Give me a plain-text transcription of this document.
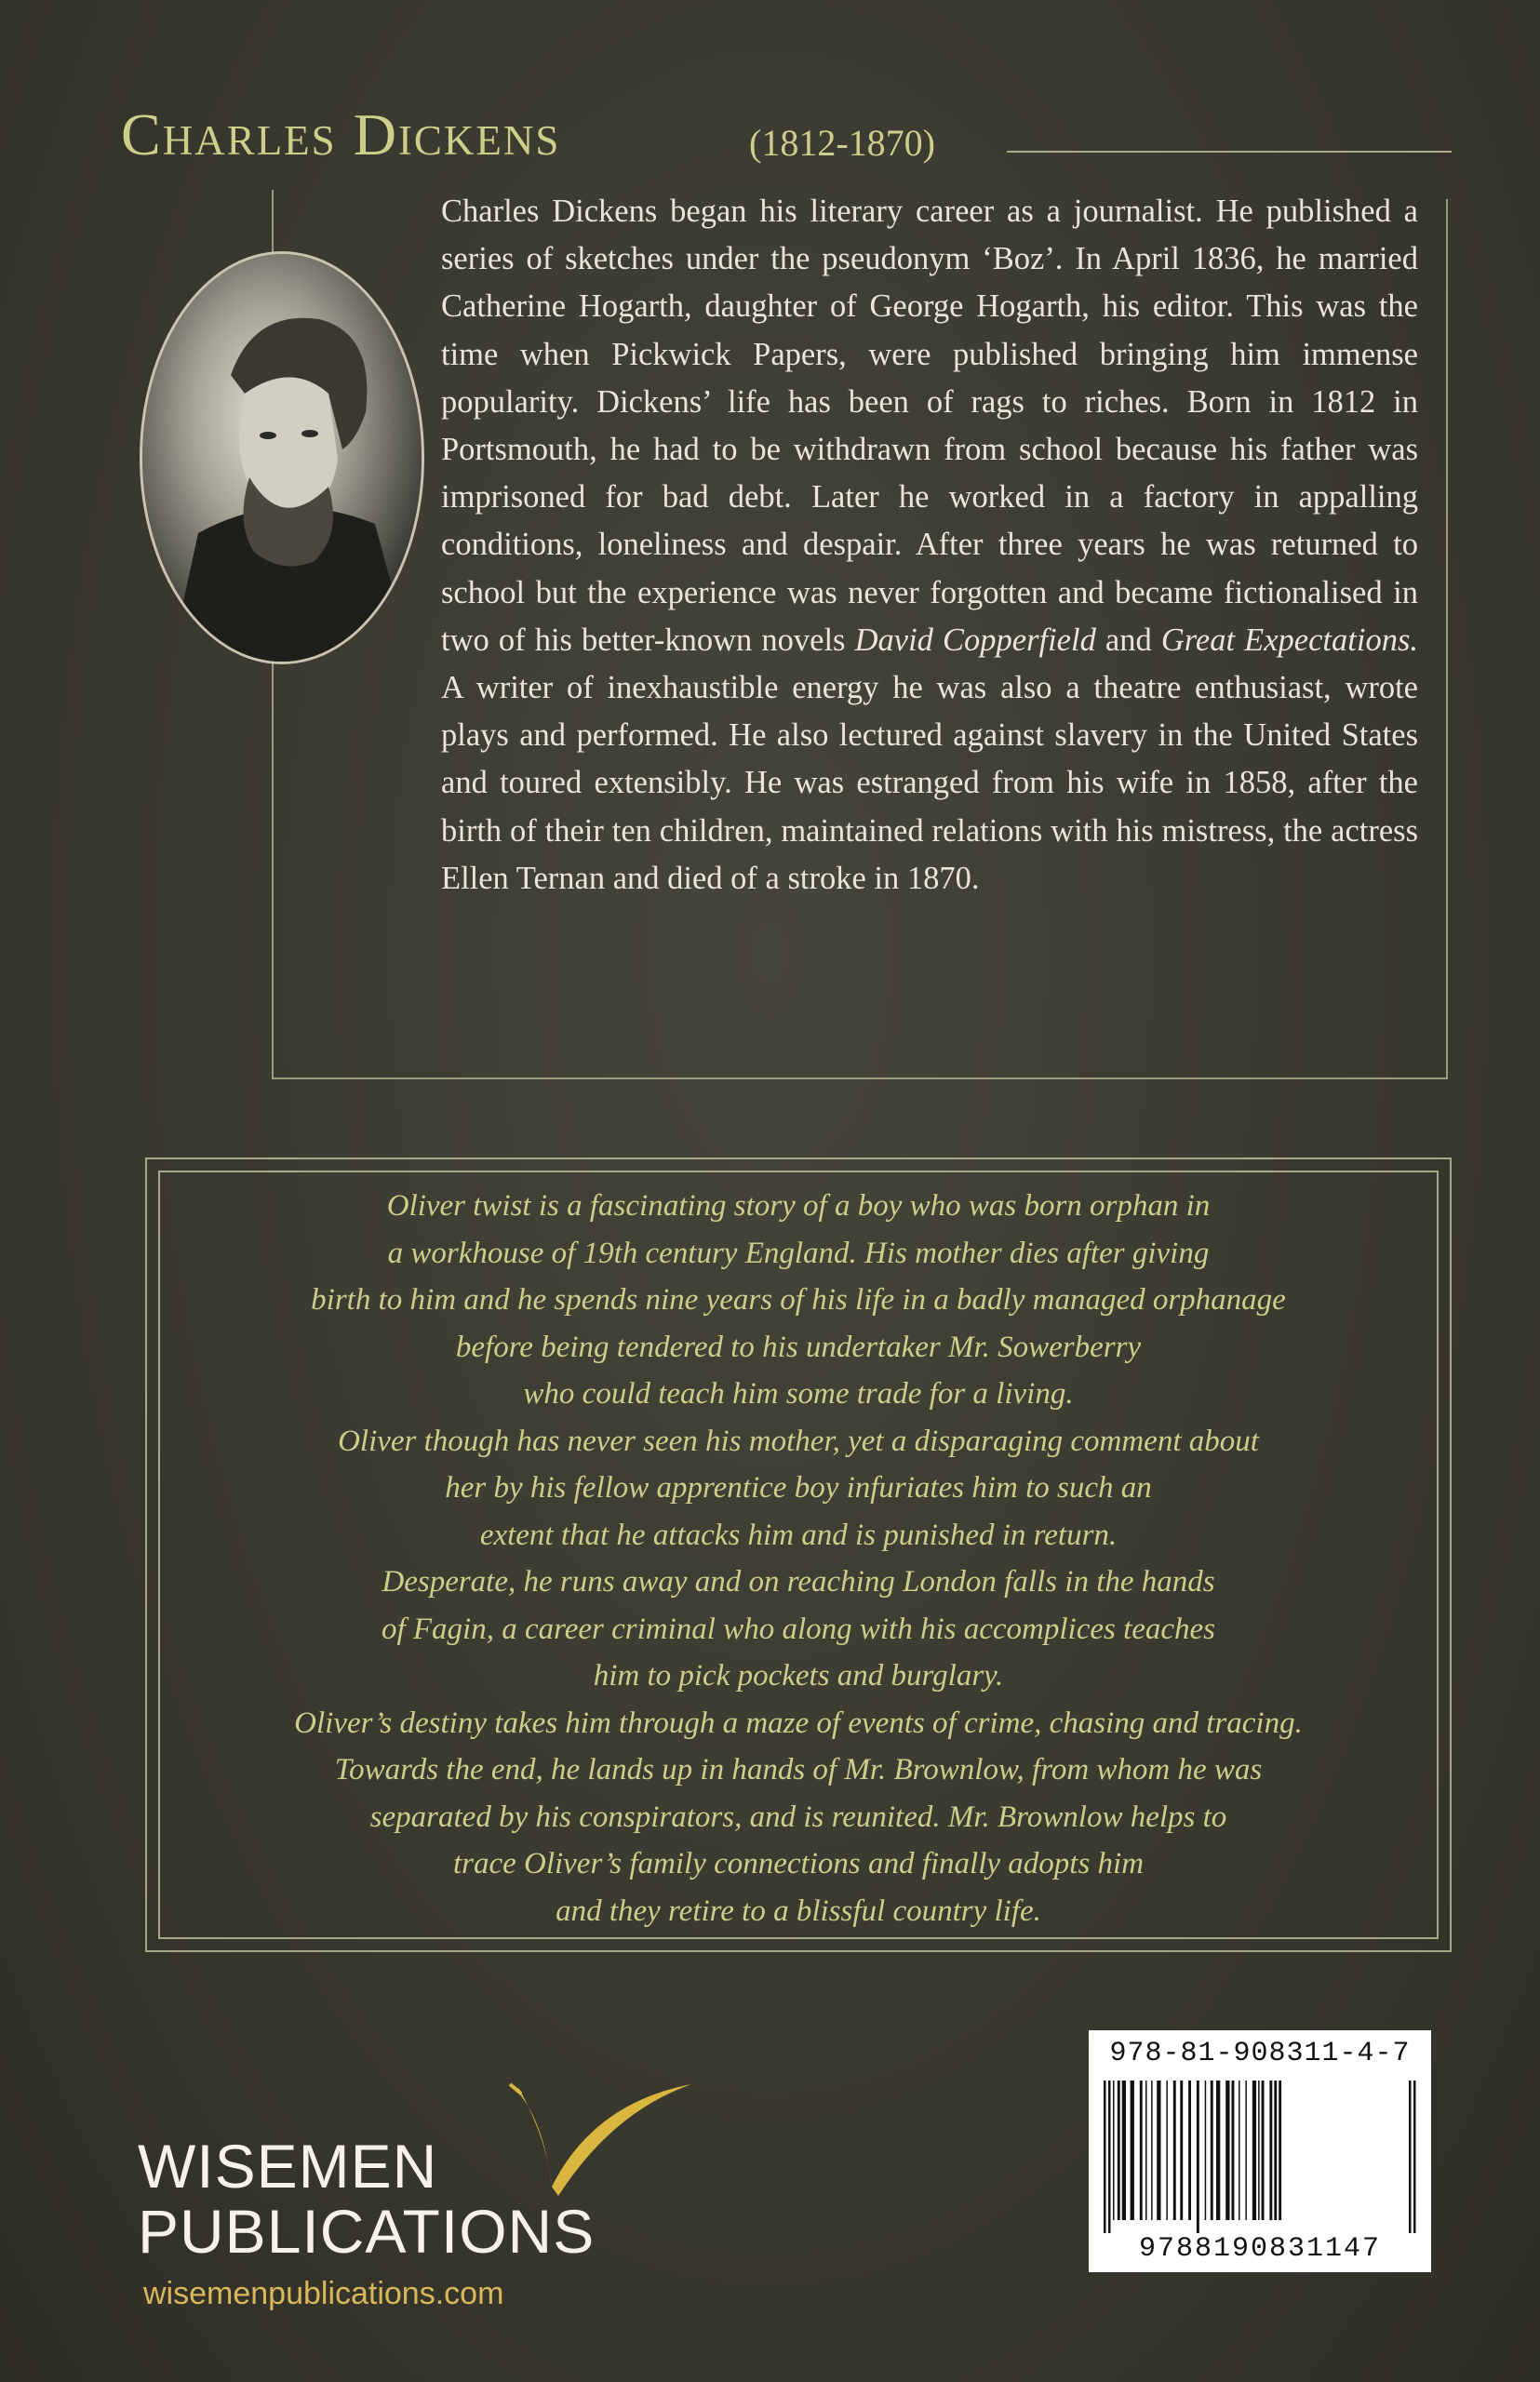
Charles Dickens	(1812-1870)

Charles Dickens began his literary career as a journalist. He published a series of sketches under the pseudonym ‘Boz’. In April 1836, he married Catherine Hogarth, daughter of George Hogarth, his editor. This was the time when Pickwick Papers, were published bringing him immense popularity. Dickens’ life has been of rags to riches. Born in 1812 in Portsmouth, he had to be withdrawn from school because his father was imprisoned for bad debt. Later he worked in a factory in appalling conditions, loneliness and despair. After three years he was returned to school but the experience was never forgotten and became fictionalised in two of his better-known novels David Copperfield and Great Expectations. A writer of inexhaustible energy he was also a theatre enthusiast, wrote plays and performed. He also lectured against slavery in the United States and toured extensibly. He was estranged from his wife in 1858, after the birth of their ten children, maintained relations with his mistress, the actress Ellen Ternan and died of a stroke in 1870.

Oliver twist is a fascinating story of a boy who was born orphan in
a workhouse of 19th century England. His mother dies after giving
birth to him and he spends nine years of his life in a badly managed orphanage
before being tendered to his undertaker Mr. Sowerberry
who could teach him some trade for a living.
Oliver though has never seen his mother, yet a disparaging comment about
her by his fellow apprentice boy infuriates him to such an
extent that he attacks him and is punished in return.
Desperate, he runs away and on reaching London falls in the hands
of Fagin, a career criminal who along with his accomplices teaches
him to pick pockets and burglary.
Oliver’s destiny takes him through a maze of events of crime, chasing and tracing.
Towards the end, he lands up in hands of Mr. Brownlow, from whom he was
separated by his conspirators, and is reunited. Mr. Brownlow helps to
trace Oliver’s family connections and finally adopts him
and they retire to a blissful country life.
WISEMEN
PUBLICATIONS
wisemenpublications.com
978-81-908311-4-7
9788190831147
